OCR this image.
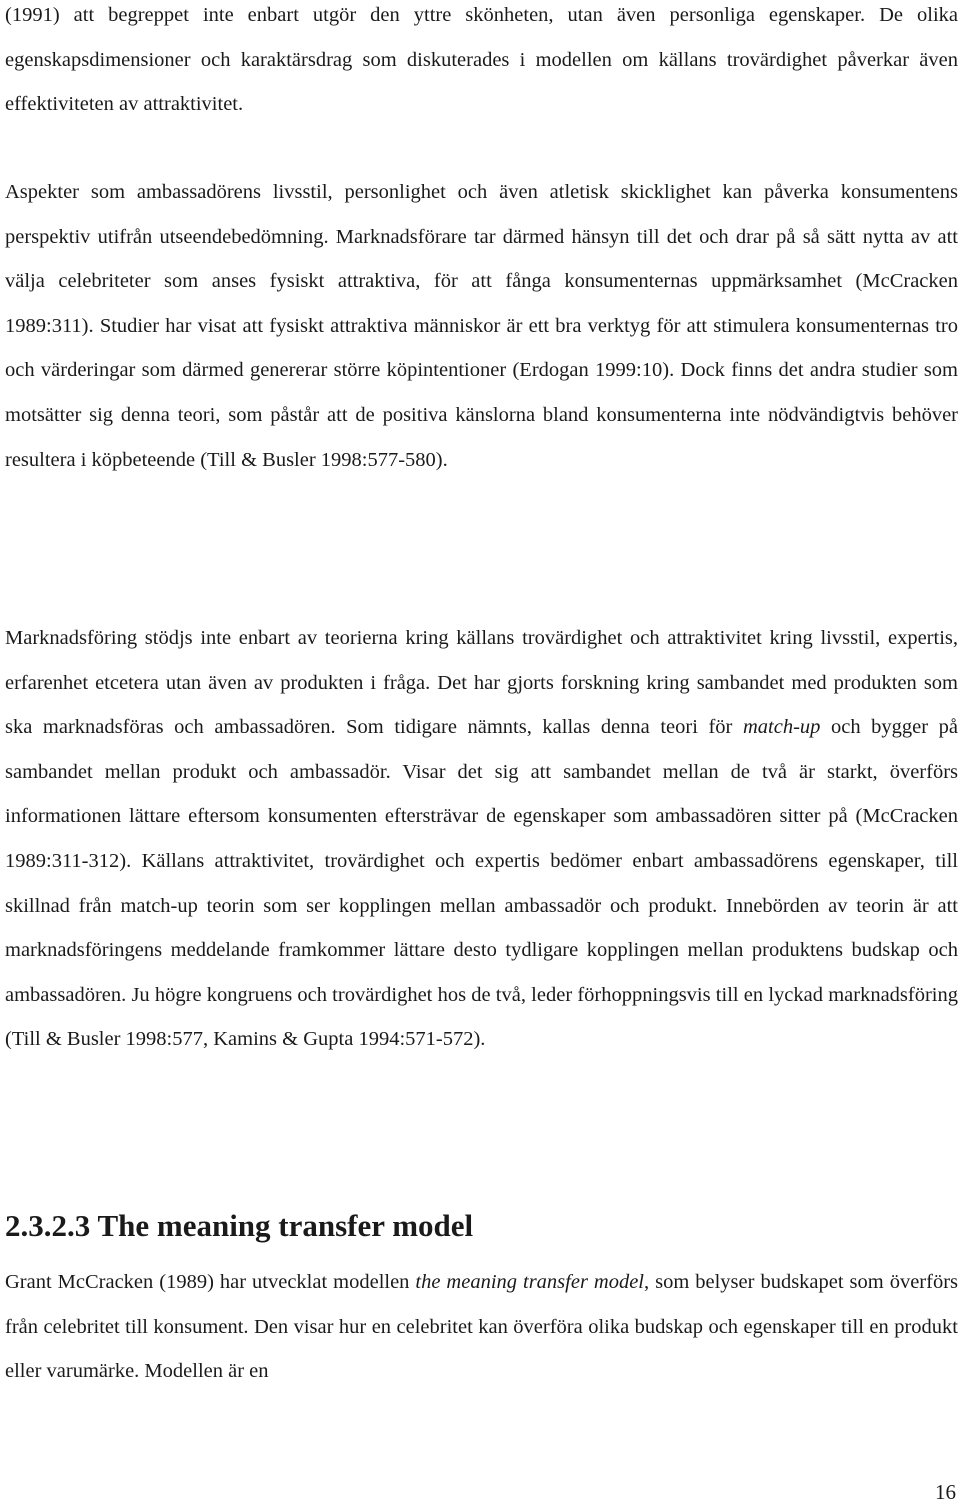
(1991) att begreppet inte enbart utgör den yttre skönheten, utan även personliga egenskaper. De olika egenskapsdimensioner och karaktärsdrag som diskuterades i modellen om källans trovärdighet påverkar även effektiviteten av attraktivitet.

Aspekter som ambassadörens livsstil, personlighet och även atletisk skicklighet kan påverka konsumentens perspektiv utifrån utseendebedömning. Marknadsförare tar därmed hänsyn till det och drar på så sätt nytta av att välja celebriteter som anses fysiskt attraktiva, för att fånga konsumenternas uppmärksamhet (McCracken 1989:311). Studier har visat att fysiskt attraktiva människor är ett bra verktyg för att stimulera konsumenternas tro och värderingar som därmed genererar större köpintentioner (Erdogan 1999:10). Dock finns det andra studier som motsätter sig denna teori, som påstår att de positiva känslorna bland konsumenterna inte nödvändigtvis behöver resultera i köpbeteende (Till & Busler 1998:577-580).

Marknadsföring stödjs inte enbart av teorierna kring källans trovärdighet och attraktivitet kring livsstil, expertis, erfarenhet etcetera utan även av produkten i fråga. Det har gjorts forskning kring sambandet med produkten som ska marknadsföras och ambassadören. Som tidigare nämnts, kallas denna teori för match-up och bygger på sambandet mellan produkt och ambassadör. Visar det sig att sambandet mellan de två är starkt, överförs informationen lättare eftersom konsumenten eftersträvar de egenskaper som ambassadören sitter på (McCracken 1989:311-312). Källans attraktivitet, trovärdighet och expertis bedömer enbart ambassadörens egenskaper, till skillnad från match-up teorin som ser kopplingen mellan ambassadör och produkt. Innebörden av teorin är att marknadsföringens meddelande framkommer lättare desto tydligare kopplingen mellan produktens budskap och ambassadören. Ju högre kongruens och trovärdighet hos de två, leder förhoppningsvis till en lyckad marknadsföring (Till & Busler 1998:577, Kamins & Gupta 1994:571-572).

2.3.2.3 The meaning transfer model

Grant McCracken (1989) har utvecklat modellen the meaning transfer model, som belyser budskapet som överförs från celebritet till konsument. Den visar hur en celebritet kan överföra olika budskap och egenskaper till en produkt eller varumärke. Modellen är en

16
